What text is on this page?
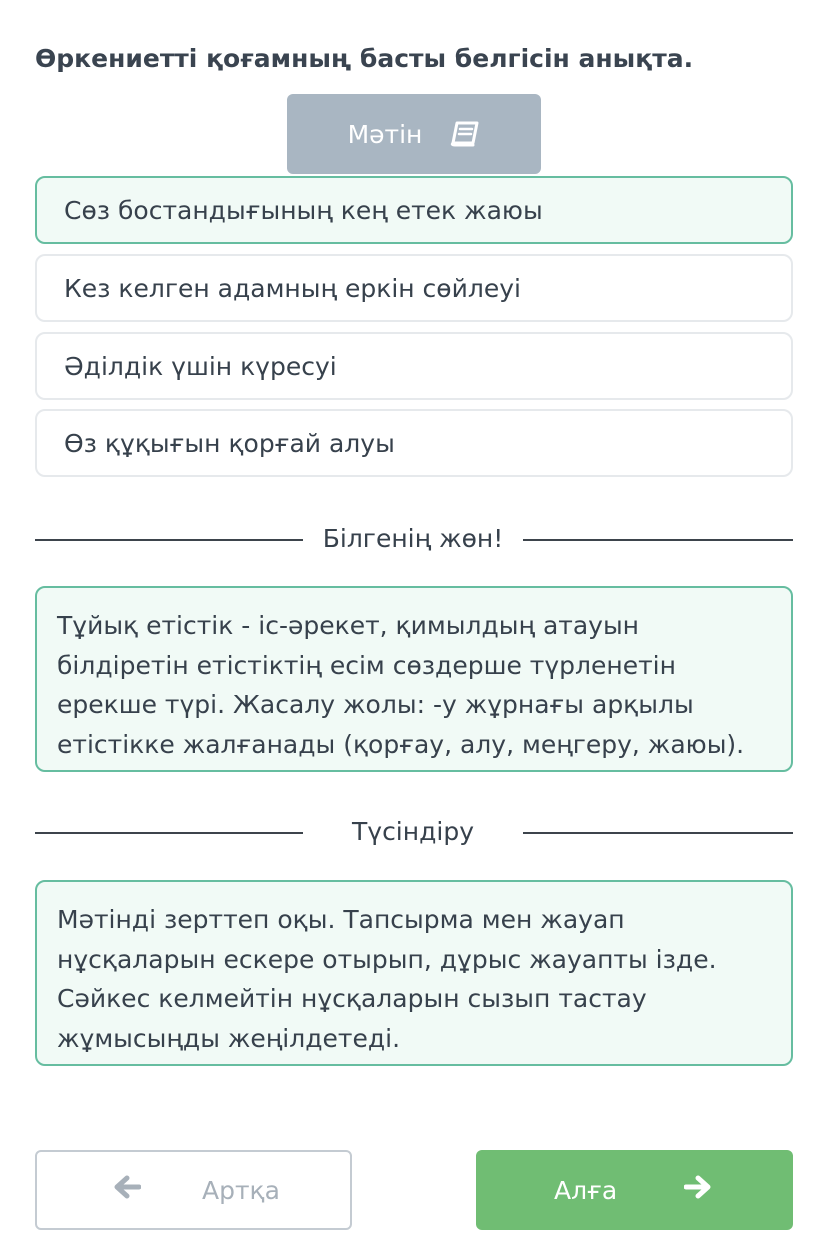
Өркениетті қоғамның басты белгісін анықта.
Мәтін
Сөз бостандығының кең етек жаюы
Кез келген адамның еркін сөйлеуі
Әділдік үшін күресуі
Өз құқығын қорғай алуы
Білгенің жөн!
Тұйық етістік - іс-әрекет, қимылдың атауын білдіретін етістіктің есім сөздерше түрленетін ерекше түрі. Жасалу жолы: -у жұрнағы арқылы етістікке жалғанады (қорғау, алу, меңгеру, жаюы).
Түсіндіру
Мәтінді зерттеп оқы. Тапсырма мен жауап нұсқаларын ескере отырып, дұрыс жауапты ізде. Сәйкес келмейтін нұсқаларын сызып тастау жұмысыңды жеңілдетеді.
Артқа	Алға
